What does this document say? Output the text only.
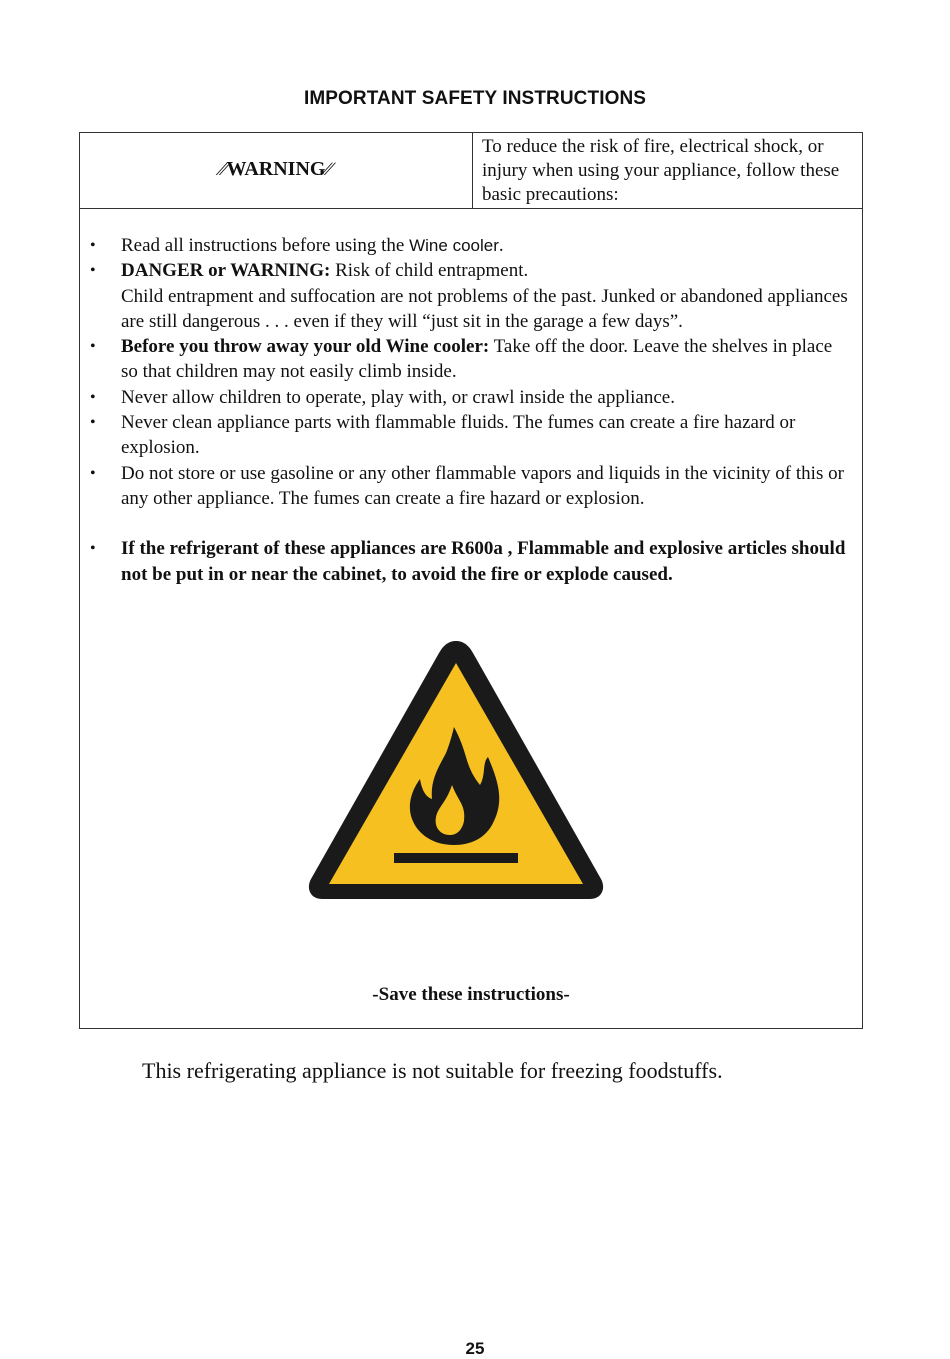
IMPORTANT SAFETY INSTRUCTIONS
⁄⁄WARNING⁄⁄
To reduce the risk of fire, electrical shock, or injury when using your appliance, follow these basic precautions:
• Read all instructions before using the Wine cooler.
• DANGER or WARNING: Risk of child entrapment.
Child entrapment and suffocation are not problems of the past. Junked or abandoned appliances are still dangerous . . . even if they will “just sit in the garage a few days”.
• Before you throw away your old Wine cooler: Take off the door. Leave the shelves in place so that children may not easily climb inside.
• Never allow children to operate, play with, or crawl inside the appliance.
• Never clean appliance parts with flammable fluids. The fumes can create a fire hazard or explosion.
• Do not store or use gasoline or any other flammable vapors and liquids in the vicinity of this or any other appliance. The fumes can create a fire hazard or explosion.
• If the refrigerant of these appliances are R600a , Flammable and explosive articles should not be put in or near the cabinet, to avoid the fire or explode caused.
-Save these instructions-
This refrigerating appliance is not suitable for freezing foodstuffs.
25
